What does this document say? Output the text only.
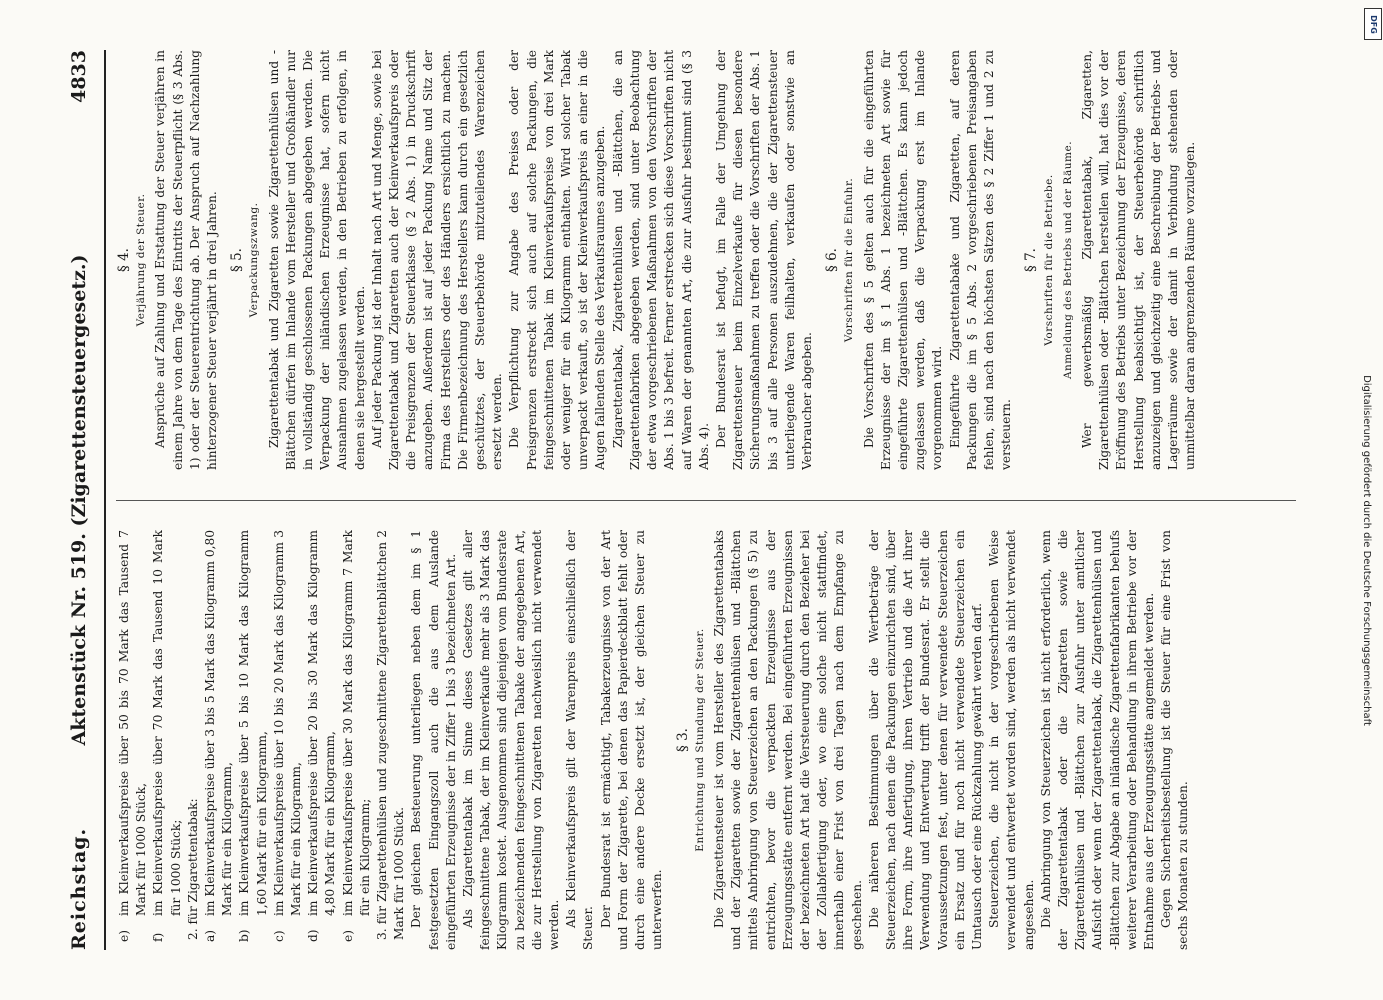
Reichstag.
Aktenstück Nr. 519. (Zigarettensteuergesetz.)
4833

e)
im Kleinverkaufspreise über 50 bis 70 Mark das Tausend 7 Mark für 1000 Stück,

f)
im Kleinverkaufspreise über 70 Mark das Tausend 10 Mark für 1000 Stück; 2. für Zigarettentabak: a)
im Kleinverkaufspreise über 3 bis 5 Mark das Kilogramm 0,80 Mark für ein Kilogramm,

b)
im Kleinverkaufspreise über 5 bis 10 Mark das Kilogramm 1,60 Mark für ein Kilogramm,

c)
im Kleinverkaufspreise über 10 bis 20 Mark das Kilogramm 3 Mark für ein Kilogramm,

d)
im Kleinverkaufspreise über 20 bis 30 Mark das Kilogramm 4,80 Mark für ein Kilogramm,

e)
im Kleinverkaufspreise über 30 Mark das Kilogramm 7 Mark für ein Kilogramm; 3. für Zigarettenhülsen und zugeschnittene Zigarettenblättchen 2 Mark für 1000 Stück. Der gleichen Besteuerung unterliegen neben dem im § 1 festgesetzten Eingangszoll auch die aus dem Auslande eingeführten Erzeugnisse der in Ziffer 1 bis 3 bezeichneten Art. Als Zigarettentabak im Sinne dieses Gesetzes gilt aller feingeschnittene Tabak, der im Kleinverkaufe mehr als 3 Mark das Kilogramm kostet. Ausgenommen sind diejenigen vom Bundesrate zu bezeichnenden feingeschnittenen Tabake der angegebenen Art, die zur Herstellung von Zigaretten nachweislich nicht verwendet werden. Als Kleinverkaufspreis gilt der Warenpreis einschließlich der Steuer.

Der Bundesrat ist ermächtigt, Tabakerzeugnisse von der Art und Form der Zigarette, bei denen das Papierdeckblatt fehlt oder durch eine andere Decke ersetzt ist, der gleichen Steuer zu unterwerfen.

§ 3. Entrichtung und Stundung der Steuer. Die Zigarettensteuer ist vom Hersteller des Zigarettentabaks und der Zigaretten sowie der Zigarettenhülsen und -Blättchen mittels Anbringung von Steuerzeichen an den Packungen (§ 5) zu entrichten, bevor die verpackten Erzeugnisse aus der Erzeugungsstätte entfernt werden. Bei eingeführten Erzeugnissen der bezeichneten Art hat die Versteuerung durch den Bezieher bei der Zollabfertigung oder, wo eine solche nicht stattfindet, innerhalb einer Frist von drei Tagen nach dem Empfange zu geschehen. Die näheren Bestimmungen über die Wertbeträge der Steuerzeichen, nach denen die Packungen einzurichten sind, über ihre Form, ihre Anfertigung, ihren Vertrieb und die Art ihrer Verwendung und Entwertung trifft der Bundesrat. Er stellt die Voraussetzungen fest, unter denen für verwendete Steuerzeichen ein Ersatz und für noch nicht verwendete Steuerzeichen ein Umtausch oder eine Rückzahlung gewährt werden darf. Steuerzeichen, die nicht in der vorgeschriebenen Weise verwendet und entwertet worden sind, werden als nicht verwendet angesehen. Die Anbringung von Steuerzeichen ist nicht erforderlich, wenn der Zigarettentabak oder die Zigaretten sowie die Zigarettenhülsen und -Blättchen zur Ausfuhr unter amtlicher Aufsicht oder wenn der Zigarettentabak, die Zigarettenhülsen und -Blättchen zur Abgabe an inländische Zigarettenfabrikanten behufs weiterer Verarbeitung oder Behandlung in ihrem Betriebe vor der Entnahme aus der Erzeugungsstätte angemeldet werden. Gegen Sicherheitsbestellung ist die Steuer für eine Frist von sechs Monaten zu stunden.

§ 4. Verjährung der Steuer. Ansprüche auf Zahlung und Erstattung der Steuer verjähren in einem Jahre von dem Tage des Eintritts der Steuerpflicht (§ 3 Abs. 1) oder der Steuerentrichtung ab. Der Anspruch auf Nachzahlung hinterzogener Steuer verjährt in drei Jahren. § 5. Verpackungszwang. Zigarettentabak und Zigaretten sowie Zigarettenhülsen und -Blättchen dürfen im Inlande vom Hersteller und Großhändler nur in vollständig geschlossenen Packungen abgegeben werden. Die Verpackung der inländischen Erzeugnisse hat, sofern nicht Ausnahmen zugelassen werden, in den Betrieben zu erfolgen, in denen sie hergestellt werden. Auf jeder Packung ist der Inhalt nach Art und Menge, sowie bei Zigarettentabak und Zigaretten auch der Kleinverkaufspreis oder die Preisgrenzen der Steuerklasse (§ 2 Abs. 1) in Druckschrift anzugeben. Außerdem ist auf jeder Packung Name und Sitz der Firma des Herstellers oder des Händlers ersichtlich zu machen. Die Firmenbezeichnung des Herstellers kann durch ein gesetzlich geschütztes, der Steuerbehörde mitzuteilendes Warenzeichen ersetzt werden. Die Verpflichtung zur Angabe des Preises oder der Preisgrenzen erstreckt sich auch auf solche Packungen, die feingeschnittenen Tabak im Kleinverkaufspreise von drei Mark oder weniger für ein Kilogramm enthalten. Wird solcher Tabak unverpackt verkauft, so ist der Kleinverkaufspreis an einer in die Augen fallenden Stelle des Verkaufsraumes anzugeben. Zigarettentabak, Zigarettenhülsen und -Blättchen, die an Zigarettenfabriken abgegeben werden, sind unter Beobachtung der etwa vorgeschriebenen Maßnahmen von den Vorschriften der Abs. 1 bis 3 befreit. Ferner erstrecken sich diese Vorschriften nicht auf Waren der genannten Art, die zur Ausfuhr bestimmt sind (§ 3 Abs. 4). Der Bundesrat ist befugt, im Falle der Umgehung der Zigarettensteuer beim Einzelverkaufe für diesen besondere Sicherungsmaßnahmen zu treffen oder die Vorschriften der Abs. 1 bis 3 auf alle Personen auszudehnen, die der Zigarettensteuer unterliegende Waren feilhalten, verkaufen oder sonstwie an Verbraucher abgeben.

§ 6. Vorschriften für die Einfuhr. Die Vorschriften des § 5 gelten auch für die eingeführten Erzeugnisse der im § 1 Abs. 1 bezeichneten Art sowie für eingeführte Zigarettenhülsen und -Blättchen. Es kann jedoch zugelassen werden, daß die Verpackung erst im Inlande vorgenommen wird. Eingeführte Zigarettentabake und Zigaretten, auf deren Packungen die im § 5 Abs. 2 vorgeschriebenen Preisangaben fehlen, sind nach den höchsten Sätzen des § 2 Ziffer 1 und 2 zu versteuern.

§ 7. Vorschriften für die Betriebe. Anmeldung des Betriebs und der Räume. Wer gewerbsmäßig Zigarettentabak, Zigaretten, Zigarettenhülsen oder -Blättchen herstellen will, hat dies vor der Eröffnung des Betriebs unter Bezeichnung der Erzeugnisse, deren Herstellung beabsichtigt ist, der Steuerbehörde schriftlich anzuzeigen und gleichzeitig eine Beschreibung der Betriebs- und Lagerräume sowie der damit in Verbindung stehenden oder unmittelbar daran angrenzenden Räume vorzulegen.

DFG
Digitalisierung gefördert durch die Deutsche Forschungsgemeinschaft
